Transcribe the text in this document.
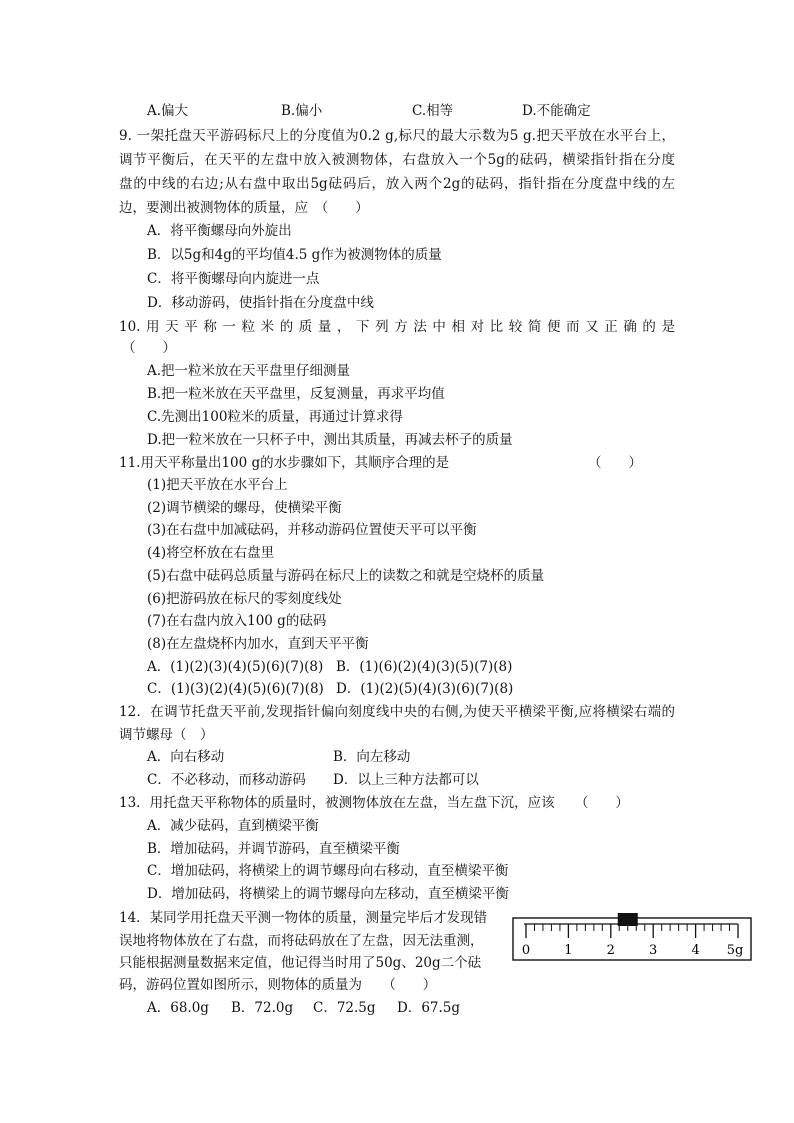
A.偏大	B.偏小	C.相等	D.不能确定
9. 一架托盘天平游码标尺上的分度值为0.2 g,标尺的最大示数为5 g.把天平放在水平台上，
调节平衡后，在天平的左盘中放入被测物体，右盘放入一个5g的砝码，横梁指针指在分度
盘的中线的右边;从右盘中取出5g砝码后，放入两个2g的砝码，指针指在分度盘中线的左
边，要测出被测物体的质量，应　（　　）
A．将平衡螺母向外旋出
B．以5g和4g的平均值4.5 g作为被测物体的质量
C．将平衡螺母向内旋进一点
D．移动游码，使指针指在分度盘中线
10.用天平称一粒米的质量，下列方法中相对比较简便而又正确的是
（　　）
A.把一粒米放在天平盘里仔细测量
B.把一粒米放在天平盘里，反复测量，再求平均值
C.先测出100粒米的质量，再通过计算求得
D.把一粒米放在一只杯子中，测出其质量，再减去杯子的质量
11.用天平称量出100 g的水步骤如下，其顺序合理的是	（　　）
(1)把天平放在水平台上
(2)调节横梁的螺母，使横梁平衡
(3)在右盘中加减砝码，并移动游码位置使天平可以平衡
(4)将空杯放在右盘里
(5)右盘中砝码总质量与游码在标尺上的读数之和就是空烧杯的质量
(6)把游码放在标尺的零刻度线处
(7)在右盘内放入100 g的砝码
(8)在左盘烧杯内加水，直到天平平衡
A．(1)(2)(3)(4)(5)(6)(7)(8) B．(1)(6)(2)(4)(3)(5)(7)(8)
C．(1)(3)(2)(4)(5)(6)(7)(8) D．(1)(2)(5)(4)(3)(6)(7)(8)
12．在调节托盘天平前,发现指针偏向刻度线中央的右侧,为使天平横梁平衡,应将横梁右端的
调节螺母（　）
A．向右移动	B．向左移动
C．不必移动，而移动游码 D．以上三种方法都可以
13．用托盘天平称物体的质量时，被测物体放在左盘，当左盘下沉，应该　　（　　）
A．减少砝码，直到横梁平衡
B．增加砝码，并调节游码，直至横梁平衡
C．增加砝码，将横梁上的调节螺母向右移动，直至横梁平衡
D．增加砝码，将横梁上的调节螺母向左移动，直至横梁平衡
14．某同学用托盘天平测一物体的质量，测量完毕后才发现错
误地将物体放在了右盘，而将砝码放在了左盘，因无法重测，
只能根据测量数据来定值，他记得当时用了50g、20g二个砝
码，游码位置如图所示，则物体的质量为　　（　　）
A．68.0g B．72.0g C．72.5g D．67.5g
0	1	2	3	4 5g
